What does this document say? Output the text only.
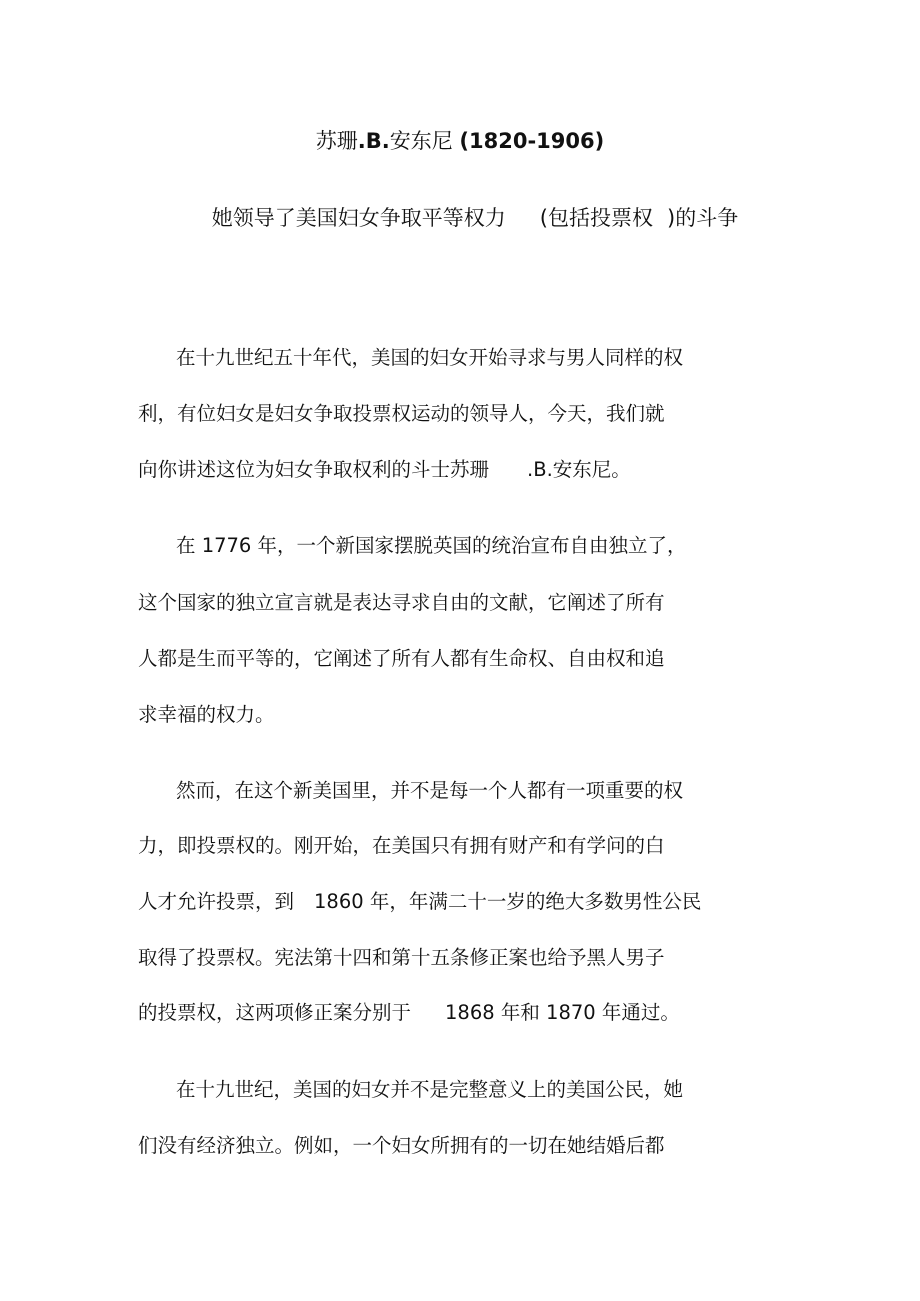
苏珊.B.安东尼 (1820-1906)
她领导了美国妇女争取平等权力 (包括投票权 )的斗争
在十九世纪五十年代，美国的妇女开始寻求与男人同样的权
利，有位妇女是妇女争取投票权运动的领导人，今天，我们就
向你讲述这位为妇女争取权利的斗士苏珊 .B.安东尼。
在 1776 年，一个新国家摆脱英国的统治宣布自由独立了，
这个国家的独立宣言就是表达寻求自由的文献，它阐述了所有
人都是生而平等的，它阐述了所有人都有生命权、自由权和追
求幸福的权力。
然而，在这个新美国里，并不是每一个人都有一项重要的权
力，即投票权的。刚开始，在美国只有拥有财产和有学问的白
人才允许投票，到 1860 年，年满二十一岁的绝大多数男性公民
取得了投票权。宪法第十四和第十五条修正案也给予黑人男子
的投票权，这两项修正案分别于 1868 年和 1870 年通过。
在十九世纪，美国的妇女并不是完整意义上的美国公民，她
们没有经济独立。例如，一个妇女所拥有的一切在她结婚后都
